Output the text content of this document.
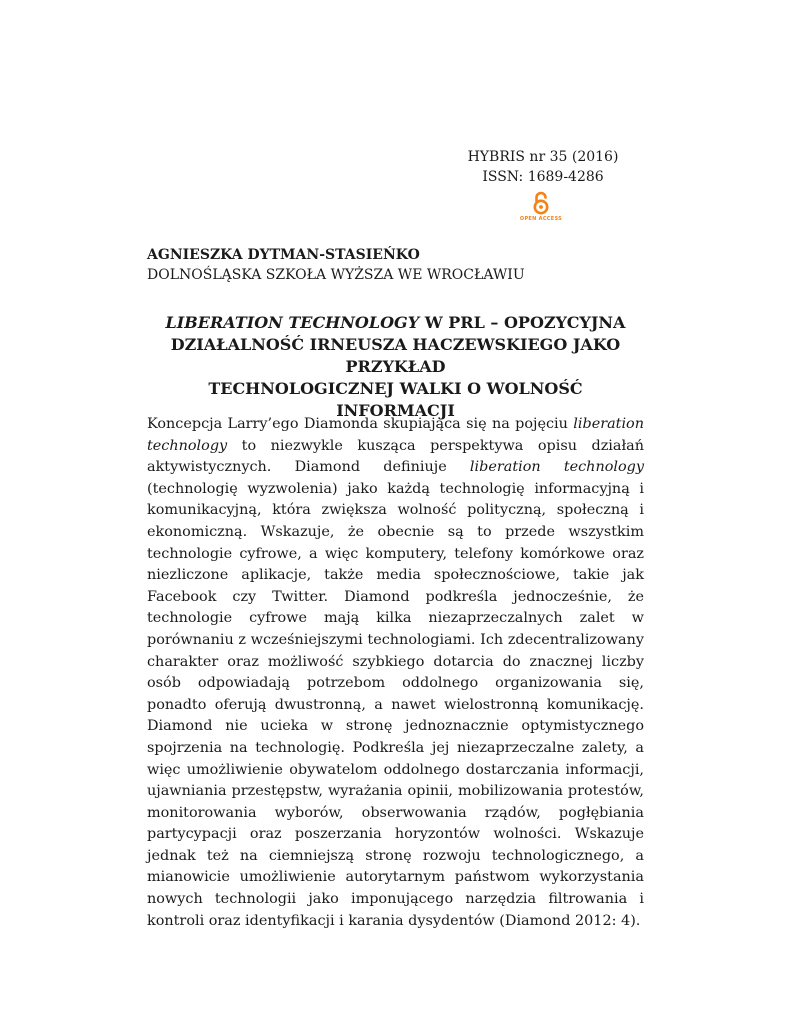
HYBRIS nr 35 (2016)
ISSN: 1689-4286
OPEN ACCESS
AGNIESZKA DYTMAN-STASIEŃKO
DOLNOŚLĄSKA SZKOŁA WYŻSZA WE WROCŁAWIU
LIBERATION TECHNOLOGY W PRL – OPOZYCYJNA
DZIAŁALNOŚĆ IRNEUSZA HACZEWSKIEGO JAKO PRZYKŁAD
TECHNOLOGICZNEJ WALKI O WOLNOŚĆ INFORMACJI

Koncepcja Larry’ego Diamonda skupiająca się na pojęciu liberation technology to niezwykle kusząca perspektywa opisu działań aktywistycznych. Diamond definiuje liberation technology (technologię wyzwolenia) jako każdą technologię informacyjną i komunikacyjną, która zwiększa wolność polityczną, społeczną i ekonomiczną. Wskazuje, że obecnie są to przede wszystkim technologie cyfrowe, a więc komputery, telefony komórkowe oraz niezliczone aplikacje, także media społecznościowe, takie jak Facebook czy Twitter. Diamond podkreśla jednocześnie, że technologie cyfrowe mają kilka niezaprzeczalnych zalet w porównaniu z wcześniejszymi technologiami. Ich zdecentralizowany charakter oraz możliwość szybkiego dotarcia do znacznej liczby osób odpowiadają potrzebom oddolnego organizowania się, ponadto oferują dwustronną, a nawet wielostronną komunikację. Diamond nie ucieka w stronę jednoznacznie optymistycznego spojrzenia na technologię. Podkreśla jej niezaprzeczalne zalety, a więc umożliwienie obywatelom oddolnego dostarczania informacji, ujawniania przestępstw, wyrażania opinii, mobilizowania protestów, monitorowania wyborów, obserwowania rządów, pogłębiania partycypacji oraz poszerzania horyzontów wolności. Wskazuje jednak też na ciemniejszą stronę rozwoju technologicznego, a mianowicie umożliwienie autorytarnym państwom wykorzystania nowych technologii jako imponującego narzędzia filtrowania i kontroli oraz identyfikacji i karania dysydentów (Diamond 2012: 4).
